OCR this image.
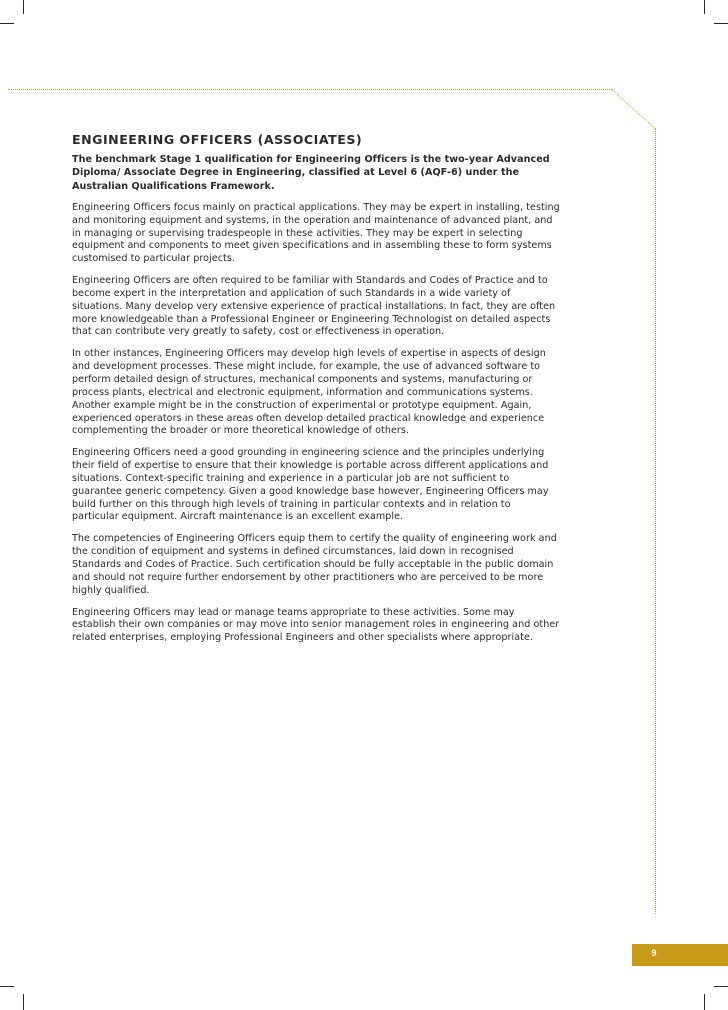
ENGINEERING OFFICERS (ASSOCIATES)

The benchmark Stage 1 qualification for Engineering Officers is the two-year Advanced Diploma/ Associate Degree in Engineering, classified at Level 6 (AQF-6) under the Australian Qualifications Framework.

Engineering Officers focus mainly on practical applications. They may be expert in installing, testing and monitoring equipment and systems, in the operation and maintenance of advanced plant, and in managing or supervising tradespeople in these activities. They may be expert in selecting equipment and components to meet given specifications and in assembling these to form systems customised to particular projects.

Engineering Officers are often required to be familiar with Standards and Codes of Practice and to become expert in the interpretation and application of such Standards in a wide variety of situations. Many develop very extensive experience of practical installations. In fact, they are often more knowledgeable than a Professional Engineer or Engineering Technologist on detailed aspects that can contribute very greatly to safety, cost or effectiveness in operation.

In other instances, Engineering Officers may develop high levels of expertise in aspects of design and development processes. These might include, for example, the use of advanced software to perform detailed design of structures, mechanical components and systems, manufacturing or process plants, electrical and electronic equipment, information and communications systems. Another example might be in the construction of experimental or prototype equipment. Again, experienced operators in these areas often develop detailed practical knowledge and experience complementing the broader or more theoretical knowledge of others.

Engineering Officers need a good grounding in engineering science and the principles underlying their field of expertise to ensure that their knowledge is portable across different applications and situations. Context-specific training and experience in a particular job are not sufficient to guarantee generic competency. Given a good knowledge base however, Engineering Officers may build further on this through high levels of training in particular contexts and in relation to particular equipment. Aircraft maintenance is an excellent example.

The competencies of Engineering Officers equip them to certify the quality of engineering work and the condition of equipment and systems in defined circumstances, laid down in recognised Standards and Codes of Practice. Such certification should be fully acceptable in the public domain and should not require further endorsement by other practitioners who are perceived to be more highly qualified.

Engineering Officers may lead or manage teams appropriate to these activities. Some may establish their own companies or may move into senior management roles in engineering and other related enterprises, employing Professional Engineers and other specialists where appropriate.

9
